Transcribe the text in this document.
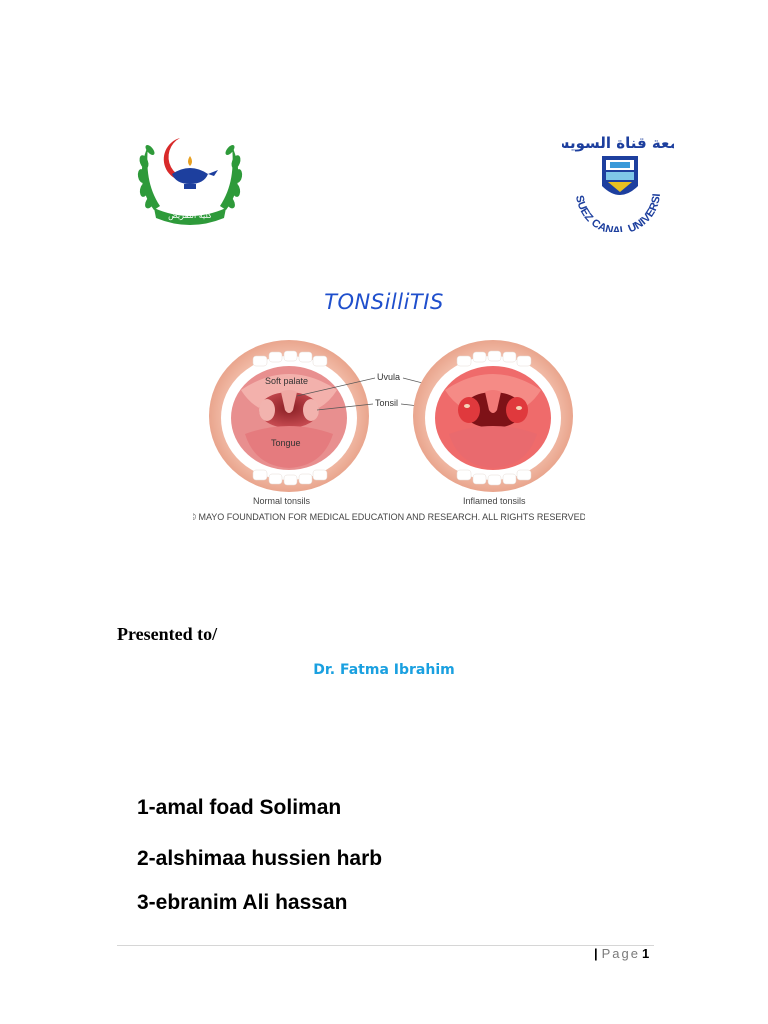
كلية التمريض
SUEZ CANAL UNIVERSI
عة قناة السوي
TONSilliTIS
Soft palate
Tongue
Uvula
Tonsil
Normal tonsils	Inflamed tonsils
© MAYO FOUNDATION FOR MEDICAL EDUCATION AND RESEARCH. ALL RIGHTS RESERVED.
Presented to/
Dr. Fatma Ibrahim
1-amal foad Soliman
2-alshimaa hussien harb
3-ebranim Ali hassan
| Page 1
